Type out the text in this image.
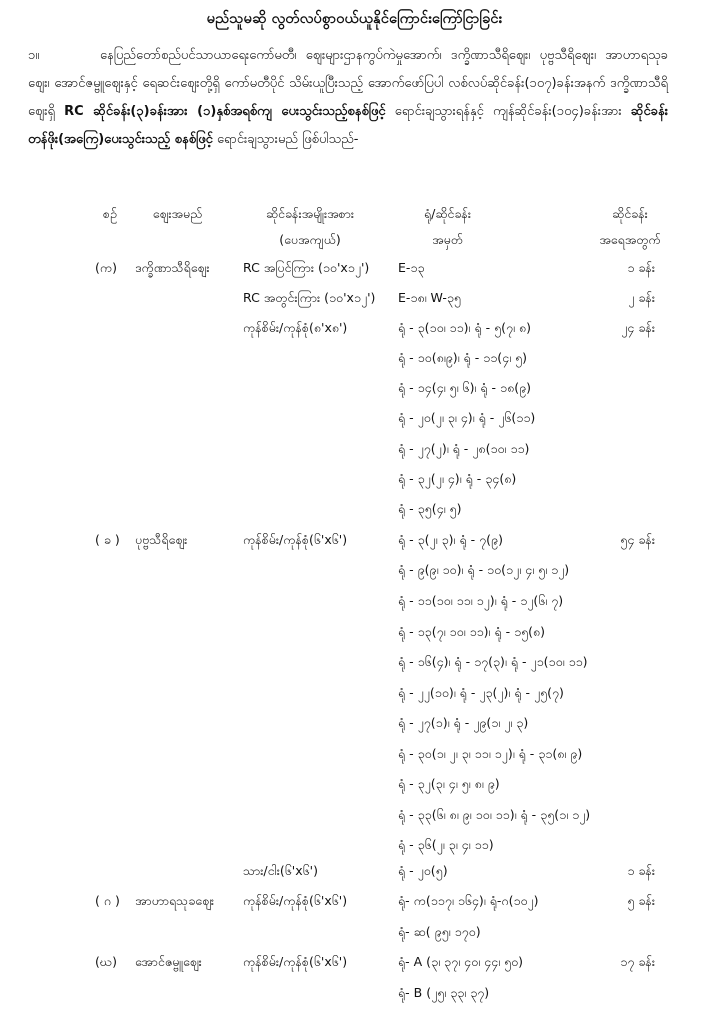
မည်သူမဆို လွတ်လပ်စွာဝယ်ယူနိုင်ကြောင်းကြော်ငြာခြင်း
၁။	နေပြည်တော်စည်ပင်သာယာရေးကော်မတီ၊ ဈေးများဌာနကွပ်ကဲမှုအောက်၊ ဒက္ခိဏာသီရိဈေး၊ ပုဗ္ဗသီရိဈေး၊ အာဟာရသုခဈေး၊ အောင်ဇမ္ဗူဈေးနှင့် ရေဆင်းဈေးတို့ရှိ ကော်မတီပိုင် သိမ်းယူပြီးသည့် အောက်ဖော်ပြပါ လစ်လပ်ဆိုင်ခန်း(၁၀၇)ခန်းအနက် ဒက္ခိဏာသီရိဈေးရှိ RC ဆိုင်ခန်း(၃)ခန်းအား (၁)နှစ်အရစ်ကျ ပေးသွင်းသည့်စနစ်ဖြင့် ရောင်းချသွားရန်နှင့် ကျန်ဆိုင်ခန်း(၁၀၄)ခန်းအား ဆိုင်ခန်းတန်ဖိုး(အကြေ)ပေးသွင်းသည့် စနစ်ဖြင့် ရောင်းချသွားမည် ဖြစ်ပါသည်-
စဉ်	ဈေးအမည်	ဆိုင်ခန်းအမျိုးအစား
(ပေအကျယ်)
ရုံ/ဆိုင်ခန်း
အမှတ်
ဆိုင်ခန်း
အရေအတွက်
(က)	ဒက္ခိဏာသီရိဈေး	RC အပြင်ကြား (၁၀'x၁၂')	E-၁၃	၁ ခန်း
RC အတွင်းကြား (၁၀'x၁၂')	E-၁၈၊ W-၃၅	၂ ခန်း
ကုန်စိမ်း/ကုန်စုံ(၈'x၈')	ရုံ - ၃(၁၀၊ ၁၁)၊ ရုံ - ၅(၇၊ ၈)	၂၄ ခန်း
ရုံ - ၁၀(၈၊၉)၊ ရုံ - ၁၁(၄၊ ၅)
ရုံ - ၁၄(၄၊ ၅၊ ၆)၊ ရုံ - ၁၈(၉)
ရုံ - ၂၀(၂၊ ၃၊ ၄)၊ ရုံ - ၂၆(၁၁)
ရုံ - ၂၇(၂)၊ ရုံ - ၂၈(၁၀၊ ၁၁)
ရုံ - ၃၂(၂၊ ၄)၊ ရုံ - ၃၄(၈)
ရုံ - ၃၅(၄၊ ၅)
( ခ )	ပုဗ္ဗသီရိဈေး	ကုန်စိမ်း/ကုန်စုံ(၆'x၆')	ရုံ - ၃(၂၊ ၃)၊ ရုံ - ၇(၉)	၅၄ ခန်း
ရုံ - ၉(၉၊ ၁၀)၊ ရုံ - ၁၀(၁၂၊ ၄၊ ၅၊ ၁၂)
ရုံ - ၁၁(၁၀၊ ၁၁၊ ၁၂)၊ ရုံ - ၁၂(၆၊ ၇)
ရုံ - ၁၃(၇၊ ၁၀၊ ၁၁)၊ ရုံ - ၁၅(၈)
ရုံ - ၁၆(၄)၊ ရုံ - ၁၇(၃)၊ ရုံ - ၂၁(၁၀၊ ၁၁)
ရုံ - ၂၂(၁၀)၊ ရုံ - ၂၃(၂)၊ ရုံ - ၂၅(၇)
ရုံ - ၂၇(၁)၊ ရုံ - ၂၉(၁၊ ၂၊ ၃)
ရုံ - ၃၀(၁၊ ၂၊ ၃၊ ၁၁၊ ၁၂)၊ ရုံ - ၃၁(၈၊ ၉)
ရုံ - ၃၂(၃၊ ၄၊ ၅၊ ၈၊ ၉)
ရုံ - ၃၃(၆၊ ၈၊ ၉၊ ၁၀၊ ၁၁)၊ ရုံ - ၃၅(၁၊ ၁၂)
ရုံ - ၃၆(၂၊ ၃၊ ၄၊ ၁၁)
သား/ငါး(၆'x၆')	ရုံ - ၂၀(၅)	၁ ခန်း
( ဂ )	အာဟာရသုခဈေး	ကုန်စိမ်း/ကုန်စုံ(၆'x၆')	ရုံ- က(၁၁၇၊ ၁၆၄)၊ ရုံ-ဂ(၁၀၂)	၅ ခန်း
ရုံ- ဆ( ၉၅၊ ၁၇၀)
(ဃ)	အောင်ဇမ္ဗူဈေး	ကုန်စိမ်း/ကုန်စုံ(၆'x၆')	ရုံ- A (၃၊ ၃၇၊ ၄၀၊ ၄၄၊ ၅၀)	၁၇ ခန်း
ရုံ- B (၂၅၊ ၃၃၊ ၃၇)
